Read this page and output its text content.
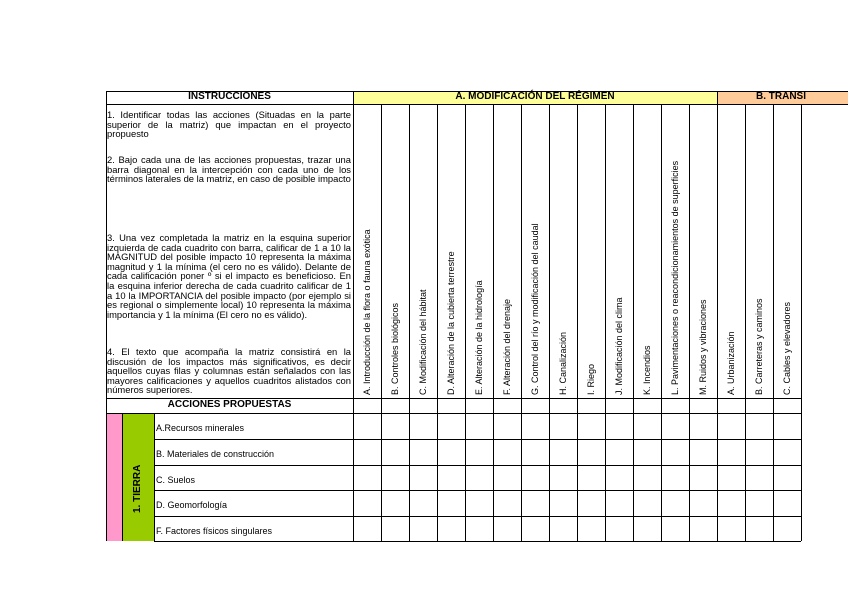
INSTRUCCIONES	A. MODIFICACIÓN DEL RÉGIMEN	B. TRANSI

1. Identificar todas las acciones (Situadas en la parte superior de la matriz) que impactan en el proyecto propuesto

2. Bajo cada una de las acciones propuestas, trazar una barra diagonal en la intercepción con cada uno de los términos laterales de la matriz, en caso de posible impacto

3. Una vez completada la matriz en la esquina superior izquierda de cada cuadrito con barra, calificar de 1 a 10 la MAGNITUD del posible impacto 10 representa la máxima magnitud y 1 la mínima (el cero no es válido). Delante de cada calificación poner º si el impacto es beneficioso. En la esquina inferior derecha de cada cuadrito calificar de 1 a 10 la IMPORTANCIA del posible impacto (por ejemplo si es regional o simplemente local) 10 representa la máxima importancia y 1 la mínima (El cero no es válido).

4. El texto que acompaña la matriz consistirá en la discusión de los impactos más significativos, es decir aquellos cuyas filas y columnas están señalados con las mayores calificaciones y aquellos cuadritos alistados con números superiores.

ACCIONES PROPUESTAS
1. TIERRA
A. Introducción de la flora o fauna exótica B. Controles biológicos C. Modificación del hábitat D. Alteración de la cubierta terrestre E. Alteración de la hidrología F. Alteración del drenaje G. Control del río y modificación del caudal H. Canalización I. Riego J. Modificación del clima K. Incendios L. Pavimentaciones o reacondicionamientos de superficies M. Ruidos y vibraciones A. Urbanización B. Carreteras y caminos C. Cables y elevadores
A.Recursos minerales
B. Materiales de construcción
C. Suelos
D. Geomorfología
F. Factores físicos singulares
